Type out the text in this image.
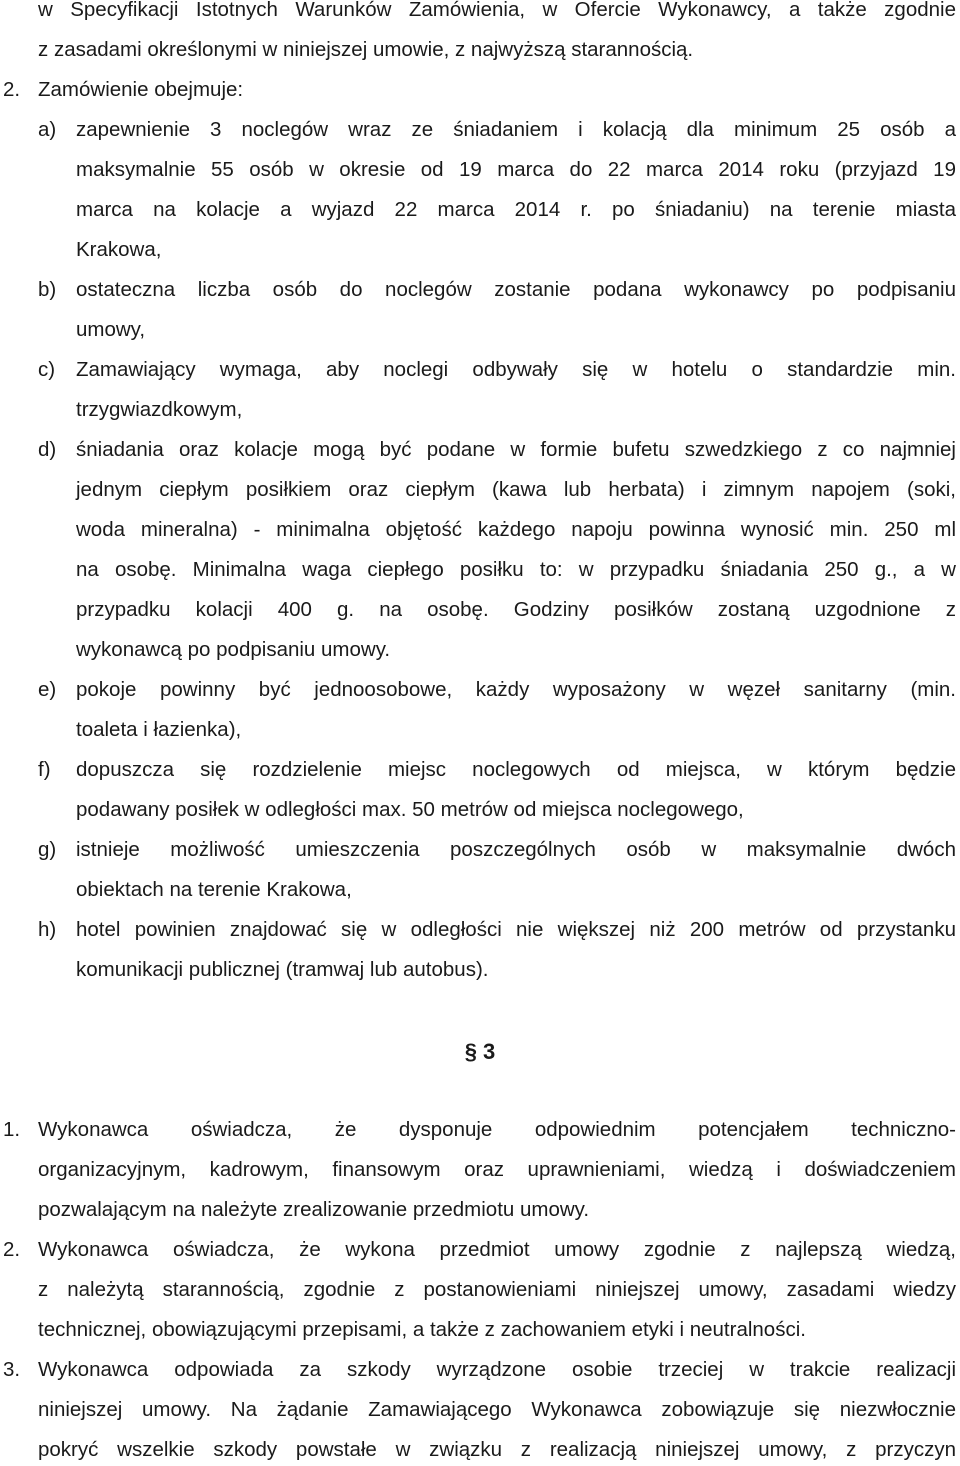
w Specyfikacji Istotnych Warunków Zamówienia, w Ofercie Wykonawcy, a także zgodnie
z zasadami określonymi w niniejszej umowie, z najwyższą starannością.
2. Zamówienie obejmuje:
a) zapewnienie 3 noclegów wraz ze śniadaniem i kolacją dla minimum 25 osób a
maksymalnie 55 osób w okresie od 19 marca do 22 marca 2014 roku (przyjazd 19
marca na kolacje a wyjazd 22 marca 2014 r. po śniadaniu) na terenie miasta
Krakowa,
b) ostateczna liczba osób do noclegów zostanie podana wykonawcy po podpisaniu
umowy,
c) Zamawiający wymaga, aby noclegi odbywały się w hotelu o standardzie min.
trzygwiazdkowym,
d) śniadania oraz kolacje mogą być podane w formie bufetu szwedzkiego z co najmniej
jednym ciepłym posiłkiem oraz ciepłym (kawa lub herbata) i zimnym napojem (soki,
woda mineralna) - minimalna objętość każdego napoju powinna wynosić min. 250 ml
na osobę. Minimalna waga ciepłego posiłku to: w przypadku śniadania 250 g., a w
przypadku kolacji 400 g. na osobę. Godziny posiłków zostaną uzgodnione z
wykonawcą po podpisaniu umowy.
e) pokoje powinny być jednoosobowe, każdy wyposażony w węzeł sanitarny (min.
toaleta i łazienka),
f) dopuszcza się rozdzielenie miejsc noclegowych od miejsca, w którym będzie
podawany posiłek w odległości max. 50 metrów od miejsca noclegowego,
g) istnieje możliwość umieszczenia poszczególnych osób w maksymalnie dwóch
obiektach na terenie Krakowa,
h) hotel powinien znajdować się w odległości nie większej niż 200 metrów od przystanku
komunikacji publicznej (tramwaj lub autobus).
§ 3
1. Wykonawca oświadcza, że dysponuje odpowiednim potencjałem techniczno-
organizacyjnym, kadrowym, finansowym oraz uprawnieniami, wiedzą i doświadczeniem
pozwalającym na należyte zrealizowanie przedmiotu umowy.
2. Wykonawca oświadcza, że wykona przedmiot umowy zgodnie z najlepszą wiedzą,
z należytą starannością, zgodnie z postanowieniami niniejszej umowy, zasadami wiedzy
technicznej, obowiązującymi przepisami, a także z zachowaniem etyki i neutralności.
3. Wykonawca odpowiada za szkody wyrządzone osobie trzeciej w trakcie realizacji
niniejszej umowy. Na żądanie Zamawiającego Wykonawca zobowiązuje się niezwłocznie
pokryć wszelkie szkody powstałe w związku z realizacją niniejszej umowy, z przyczyn
